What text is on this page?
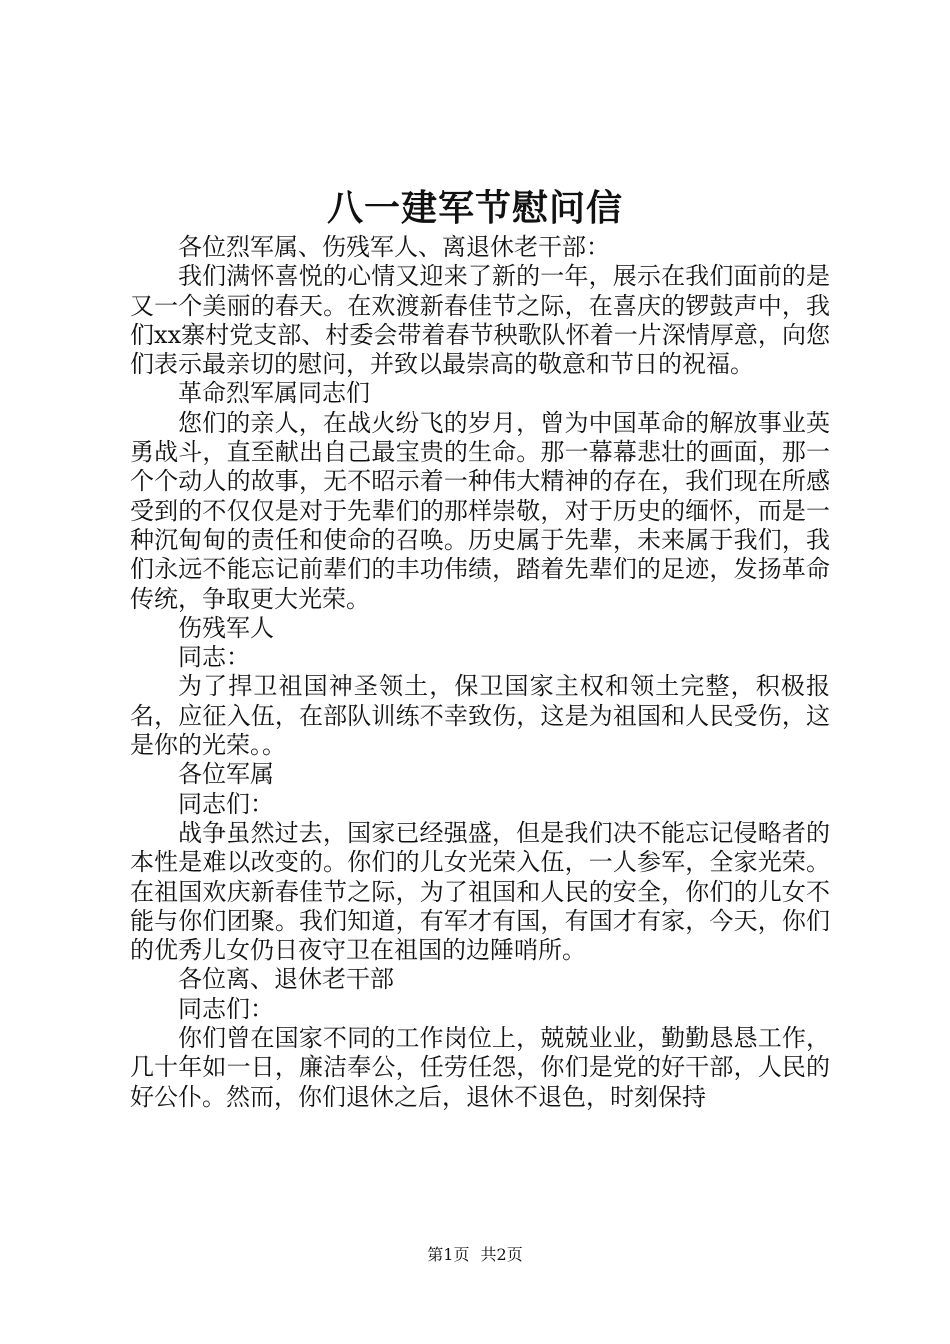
八一建军节慰问信

各位烈军属、伤残军人、离退休老干部：

我们满怀喜悦的心情又迎来了新的一年，展示在我们面前的是又一个美丽的春天。在欢渡新春佳节之际，在喜庆的锣鼓声中，我们xx寨村党支部、村委会带着春节秧歌队怀着一片深情厚意，向您们表示最亲切的慰问，并致以最崇高的敬意和节日的祝福。

革命烈军属同志们

您们的亲人，在战火纷飞的岁月，曾为中国革命的解放事业英勇战斗，直至献出自己最宝贵的生命。那一幕幕悲壮的画面，那一个个动人的故事，无不昭示着一种伟大精神的存在，我们现在所感受到的不仅仅是对于先辈们的那样崇敬，对于历史的缅怀，而是一种沉甸甸的责任和使命的召唤。历史属于先辈，未来属于我们，我们永远不能忘记前辈们的丰功伟绩，踏着先辈们的足迹，发扬革命传统，争取更大光荣。

伤残军人

同志：

为了捍卫祖国神圣领土，保卫国家主权和领土完整，积极报名，应征入伍，在部队训练不幸致伤，这是为祖国和人民受伤，这是你的光荣。。

各位军属

同志们：

战争虽然过去，国家已经强盛，但是我们决不能忘记侵略者的本性是难以改变的。你们的儿女光荣入伍，一人参军，全家光荣。在祖国欢庆新春佳节之际，为了祖国和人民的安全，你们的儿女不能与你们团聚。我们知道，有军才有国，有国才有家，今天，你们的优秀儿女仍日夜守卫在祖国的边陲哨所。

各位离、退休老干部

同志们：

你们曾在国家不同的工作岗位上，兢兢业业，勤勤恳恳工作，几十年如一日，廉洁奉公，任劳任怨，你们是党的好干部，人民的好公仆。然而，你们退休之后，退休不退色，时刻保持

第1页 共2页
